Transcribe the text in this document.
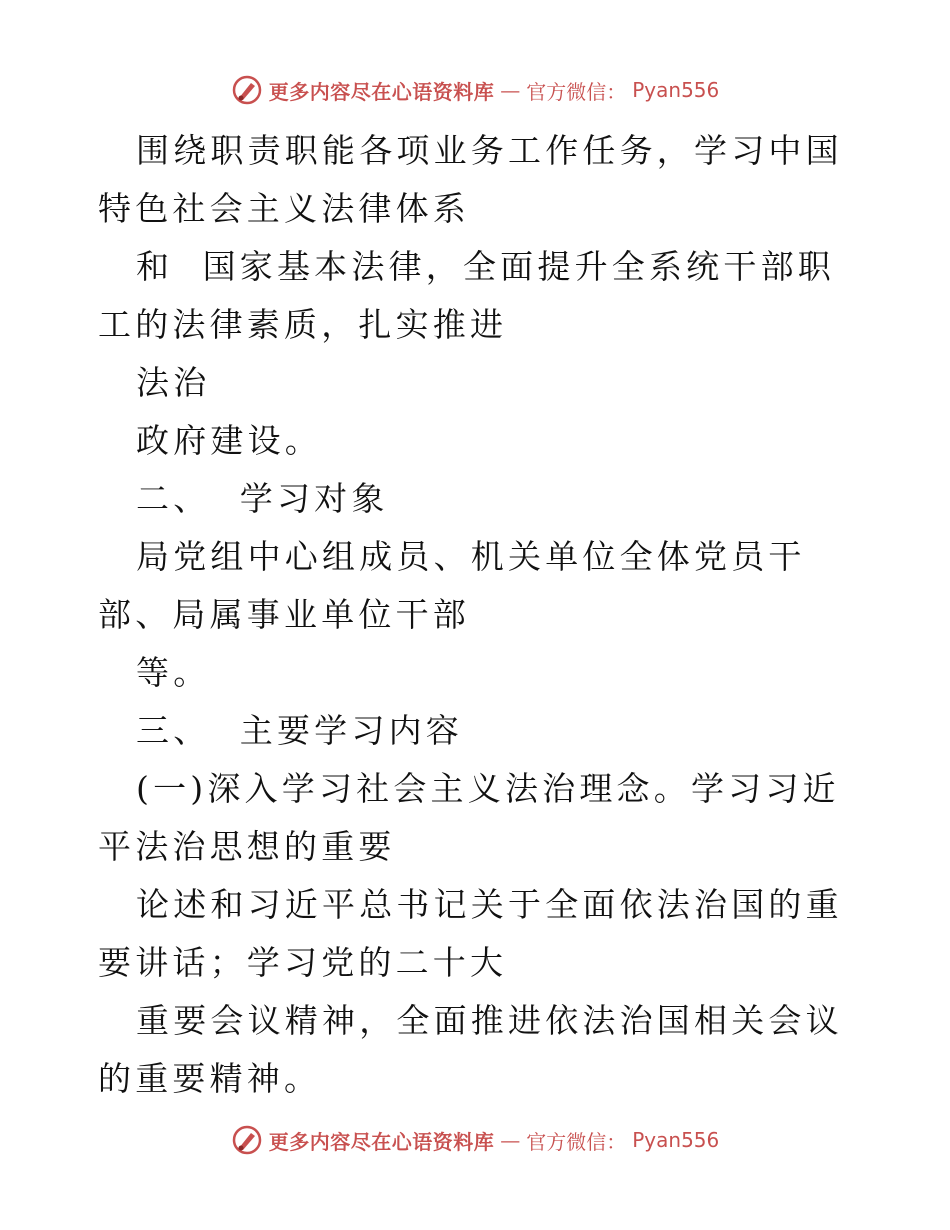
更多内容尽在心语资料库 — 官方微信： Pyan556

围绕职责职能各项业务工作任务，学习中国特色社会主义法律体系

和  国家基本法律，全面提升全系统干部职工的法律素质，扎实推进

法治

政府建设。

二、  学习对象

局党组中心组成员、机关单位全体党员干部、局属事业单位干部

等。

三、  主要学习内容

(一)深入学习社会主义法治理念。学习习近平法治思想的重要

论述和习近平总书记关于全面依法治国的重要讲话；学习党的二十大

重要会议精神，全面推进依法治国相关会议的重要精神。

更多内容尽在心语资料库 — 官方微信： Pyan556
